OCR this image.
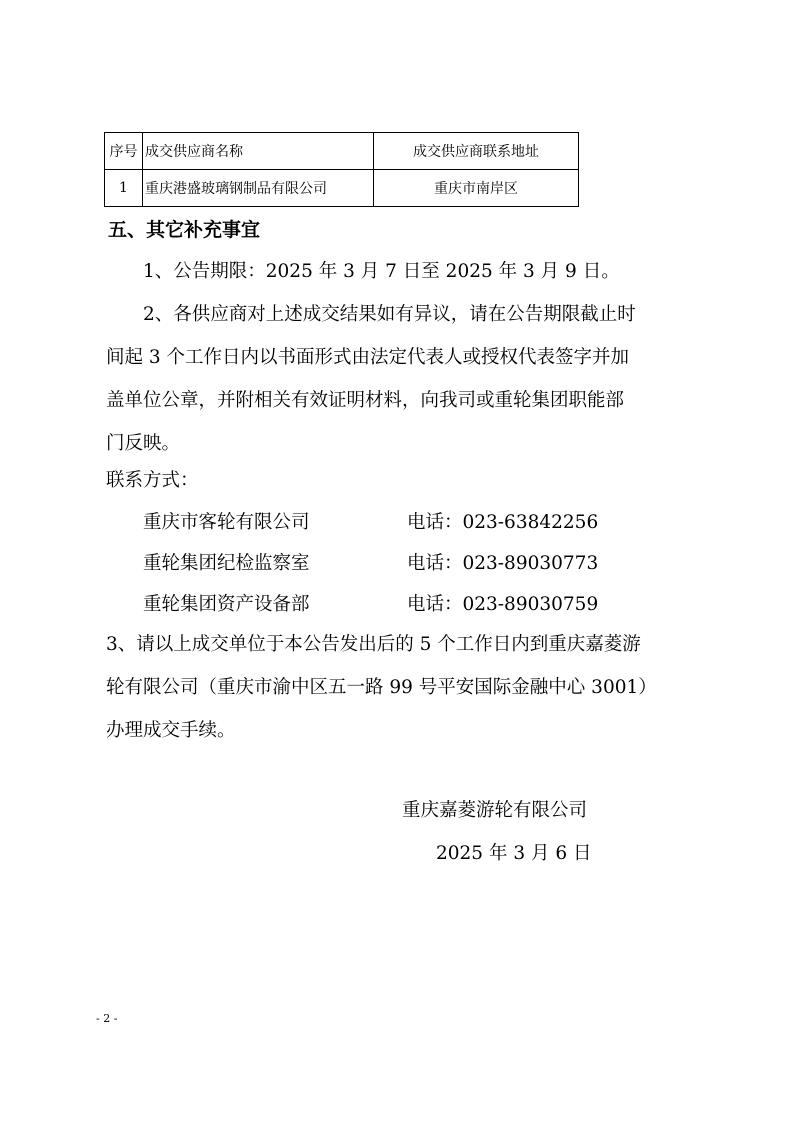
序号	成交供应商名称	成交供应商联系地址
1	重庆港盛玻璃钢制品有限公司	重庆市南岸区
五、其它补充事宜
1、公告期限：2025 年 3 月 7 日至 2025 年 3 月 9 日。
2、各供应商对上述成交结果如有异议，请在公告期限截止时
间起 3 个工作日内以书面形式由法定代表人或授权代表签字并加
盖单位公章，并附相关有效证明材料，向我司或重轮集团职能部
门反映。
联系方式：
重庆市客轮有限公司	电话：023-63842256
重轮集团纪检监察室	电话：023-89030773
重轮集团资产设备部	电话：023-89030759
3、请以上成交单位于本公告发出后的 5 个工作日内到重庆嘉菱游
轮有限公司（重庆市渝中区五一路 99 号平安国际金融中心 3001）
办理成交手续。
重庆嘉菱游轮有限公司
2025 年 3 月 6 日
- 2 -
